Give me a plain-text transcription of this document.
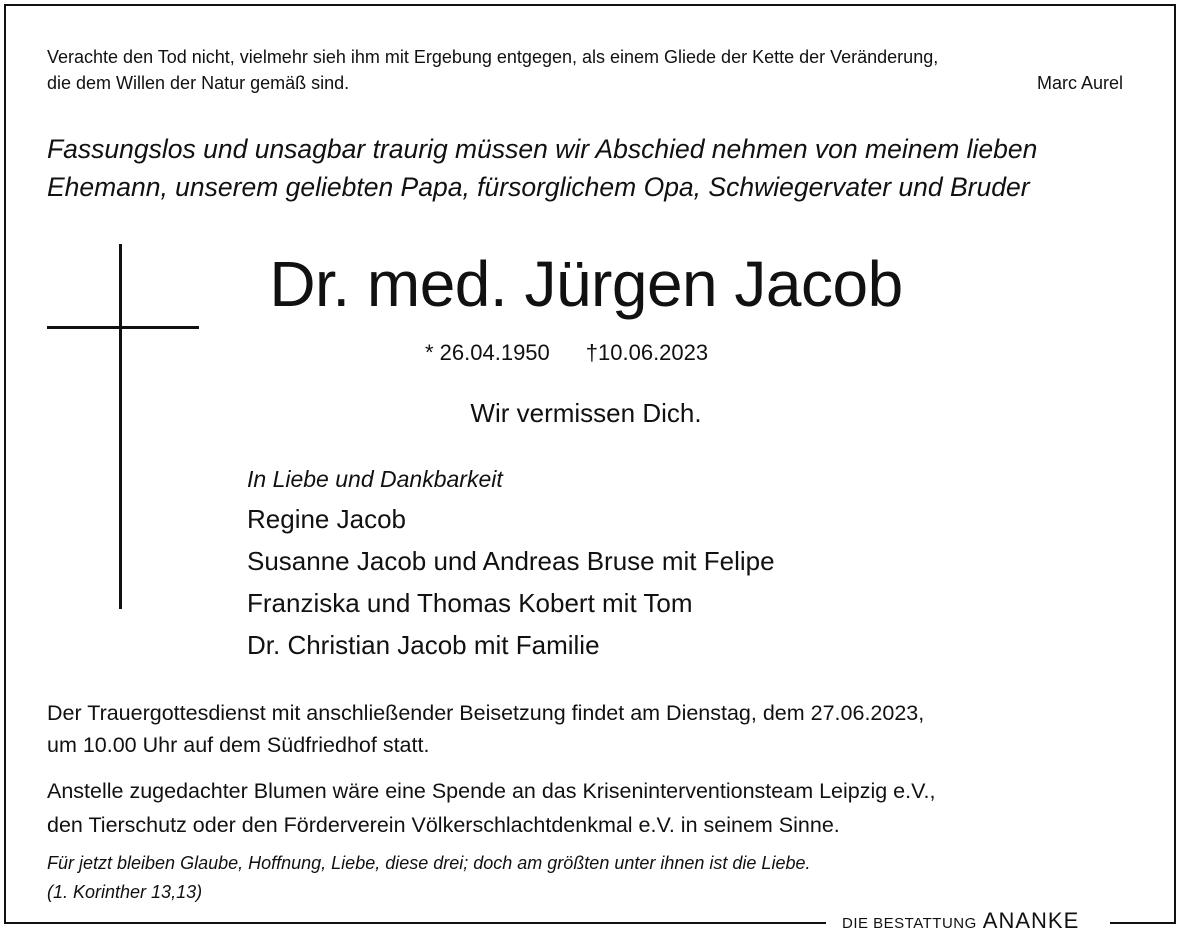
Verachte den Tod nicht, vielmehr sieh ihm mit Ergebung entgegen, als einem Gliede der Kette der Veränderung,
die dem Willen der Natur gemäß sind.	Marc Aurel
Fassungslos und unsagbar traurig müssen wir Abschied nehmen von meinem lieben
Ehemann, unserem geliebten Papa, fürsorglichem Opa, Schwiegervater und Bruder
Dr. med. Jürgen Jacob
* 26.04.1950 †10.06.2023
Wir vermissen Dich.
In Liebe und Dankbarkeit
Regine Jacob
Susanne Jacob und Andreas Bruse mit Felipe
Franziska und Thomas Kobert mit Tom
Dr. Christian Jacob mit Familie
Der Trauergottesdienst mit anschließender Beisetzung findet am Dienstag, dem 27.06.2023,
um 10.00 Uhr auf dem Südfriedhof statt.
Anstelle zugedachter Blumen wäre eine Spende an das Kriseninterventionsteam Leipzig e.V.,
den Tierschutz oder den Förderverein Völkerschlachtdenkmal e.V. in seinem Sinne.
Für jetzt bleiben Glaube, Hoffnung, Liebe, diese drei; doch am größten unter ihnen ist die Liebe.
(1. Korinther 13,13)
DIE BESTATTUNG ANANKE
